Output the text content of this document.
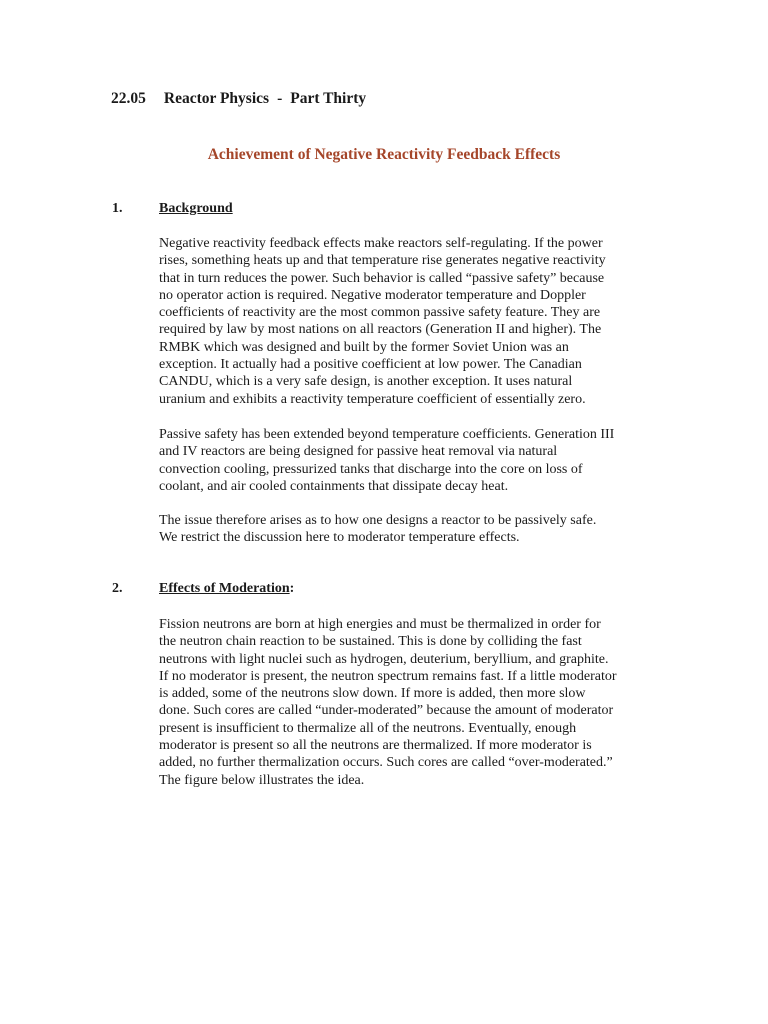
22.05 Reactor Physics - Part Thirty
Achievement of Negative Reactivity Feedback Effects
1.	Background

Negative reactivity feedback effects make reactors self-regulating. If the power
rises, something heats up and that temperature rise generates negative reactivity
that in turn reduces the power. Such behavior is called “passive safety” because
no operator action is required. Negative moderator temperature and Doppler
coefficients of reactivity are the most common passive safety feature. They are
required by law by most nations on all reactors (Generation II and higher). The
RMBK which was designed and built by the former Soviet Union was an
exception. It actually had a positive coefficient at low power. The Canadian
CANDU, which is a very safe design, is another exception. It uses natural
uranium and exhibits a reactivity temperature coefficient of essentially zero.

Passive safety has been extended beyond temperature coefficients. Generation III
and IV reactors are being designed for passive heat removal via natural
convection cooling, pressurized tanks that discharge into the core on loss of
coolant, and air cooled containments that dissipate decay heat.

The issue therefore arises as to how one designs a reactor to be passively safe.
We restrict the discussion here to moderator temperature effects.

2.	Effects of Moderation:

Fission neutrons are born at high energies and must be thermalized in order for
the neutron chain reaction to be sustained. This is done by colliding the fast
neutrons with light nuclei such as hydrogen, deuterium, beryllium, and graphite.
If no moderator is present, the neutron spectrum remains fast. If a little moderator
is added, some of the neutrons slow down. If more is added, then more slow
done. Such cores are called “under-moderated” because the amount of moderator
present is insufficient to thermalize all of the neutrons. Eventually, enough
moderator is present so all the neutrons are thermalized. If more moderator is
added, no further thermalization occurs. Such cores are called “over-moderated.”
The figure below illustrates the idea.
